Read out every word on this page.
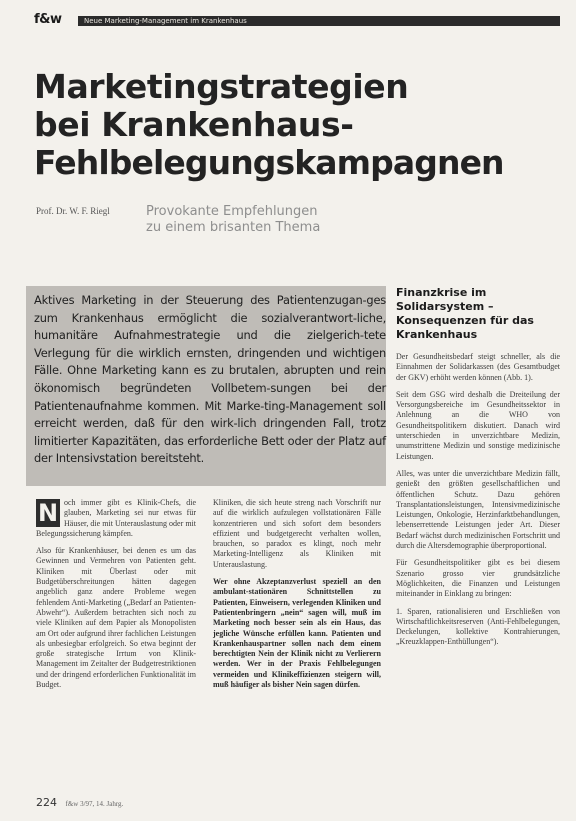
f&w	Neue Marketing-Management im Krankenhaus
Marketingstrategien
bei Krankenhaus-
Fehlbelegungskampagnen
Prof. Dr. W. F. Riegl	Provokante Empfehlungen
zu einem brisanten Thema

Aktives Marketing in der Steuerung des Patientenzugan-ges zum Krankenhaus ermöglicht die sozialverantwort-liche, humanitäre Aufnahmestrategie und die zielgerich-tete Verlegung für die wirklich ernsten, dringenden und wichtigen Fälle. Ohne Marketing kann es zu brutalen, abrupten und rein ökonomisch begründeten Vollbetem-sungen bei der Patientenaufnahme kommen. Mit Marke-ting-Management soll erreicht werden, daß für den wirk-lich dringenden Fall, trotz limitierter Kapazitäten, das erforderliche Bett oder der Platz auf der Intensivstation bereitsteht.

Finanzkrise im Solidarsystem – Konsequenzen für das Krankenhaus

Der Gesundheitsbedarf steigt schneller, als die Einnahmen der Solidarkassen (des Gesamtbudget der GKV) erhöht werden können (Abb. 1).

Seit dem GSG wird deshalb die Dreiteilung der Versorgungsbereiche im Gesundheitssektor in Anlehnung an die WHO von Gesundheitspolitikern diskutiert. Danach wird unterschieden in unverzichtbare Medizin, unumstrittene Medizin und sonstige medizinische Leistungen.

Alles, was unter die unverzichtbare Medizin fällt, genießt den größten gesellschaftlichen und öffentlichen Schutz. Dazu gehören Transplantationsleistungen, Intensivmedizinische Leistungen, Onkologie, Herzinfarktbehandlungen, lebenserrettende Leistungen jeder Art. Dieser Bedarf wächst durch medizinischen Fortschritt und durch die Altersdemographie überproportional.

Für Gesundheitspolitiker gibt es bei diesem Szenario grosso vier grundsätzliche Möglichkeiten, die Finanzen und Leistungen miteinander in Einklang zu bringen:

1. Sparen, rationalisieren und Erschließen von Wirtschaftlichkeitsreserven (Anti-Fehlbelegungen, Deckelungen, kollektive Kontrahierungen, „Kreuzklappen-Enthüllungen“).

N och immer gibt es Klinik-Chefs, die glauben, Marketing sei nur etwas für Häuser, die mit Unterauslastung oder mit Belegungssicherung kämpfen.

Also für Krankenhäuser, bei denen es um das Gewinnen und Vermehren von Patienten geht. Kliniken mit Überlast oder mit Budgetüberschreitungen hätten dagegen angeblich ganz andere Probleme wegen fehlendem Anti-Marketing („Bedarf an Patienten-Abwehr“). Außerdem betrachten sich noch zu viele Kliniken auf dem Papier als Monopolisten am Ort oder aufgrund ihrer fachlichen Leistungen als unbesiegbar erfolgreich. So etwa beginnt der große strategische Irrtum von Klinik-Management im Zeitalter der Budgetrestriktionen und der dringend erforderlichen Funktionalität im Budget.

Kliniken, die sich heute streng nach Vorschrift nur auf die wirklich aufzulegen vollstationären Fälle konzentrieren und sich sofort dem besonders effizient und budgetgerecht verhalten wollen, brauchen, so paradox es klingt, noch mehr Marketing-Intelligenz als Kliniken mit Unterauslastung.

Wer ohne Akzeptanzverlust speziell an den ambulant-stationären Schnittstellen zu Patienten, Einweisern, verlegenden Kliniken und Patientenbringern „nein“ sagen will, muß im Marketing noch besser sein als ein Haus, das jegliche Wünsche erfüllen kann. Patienten und Krankenhauspartner sollen nach dem einem berechtigten Nein der Klinik nicht zu Verlierern werden. Wer in der Praxis Fehlbelegungen vermeiden und Klinikeffizienzen steigern will, muß häufiger als bisher Nein sagen dürfen.

224 f&w 3/97, 14. Jahrg.
